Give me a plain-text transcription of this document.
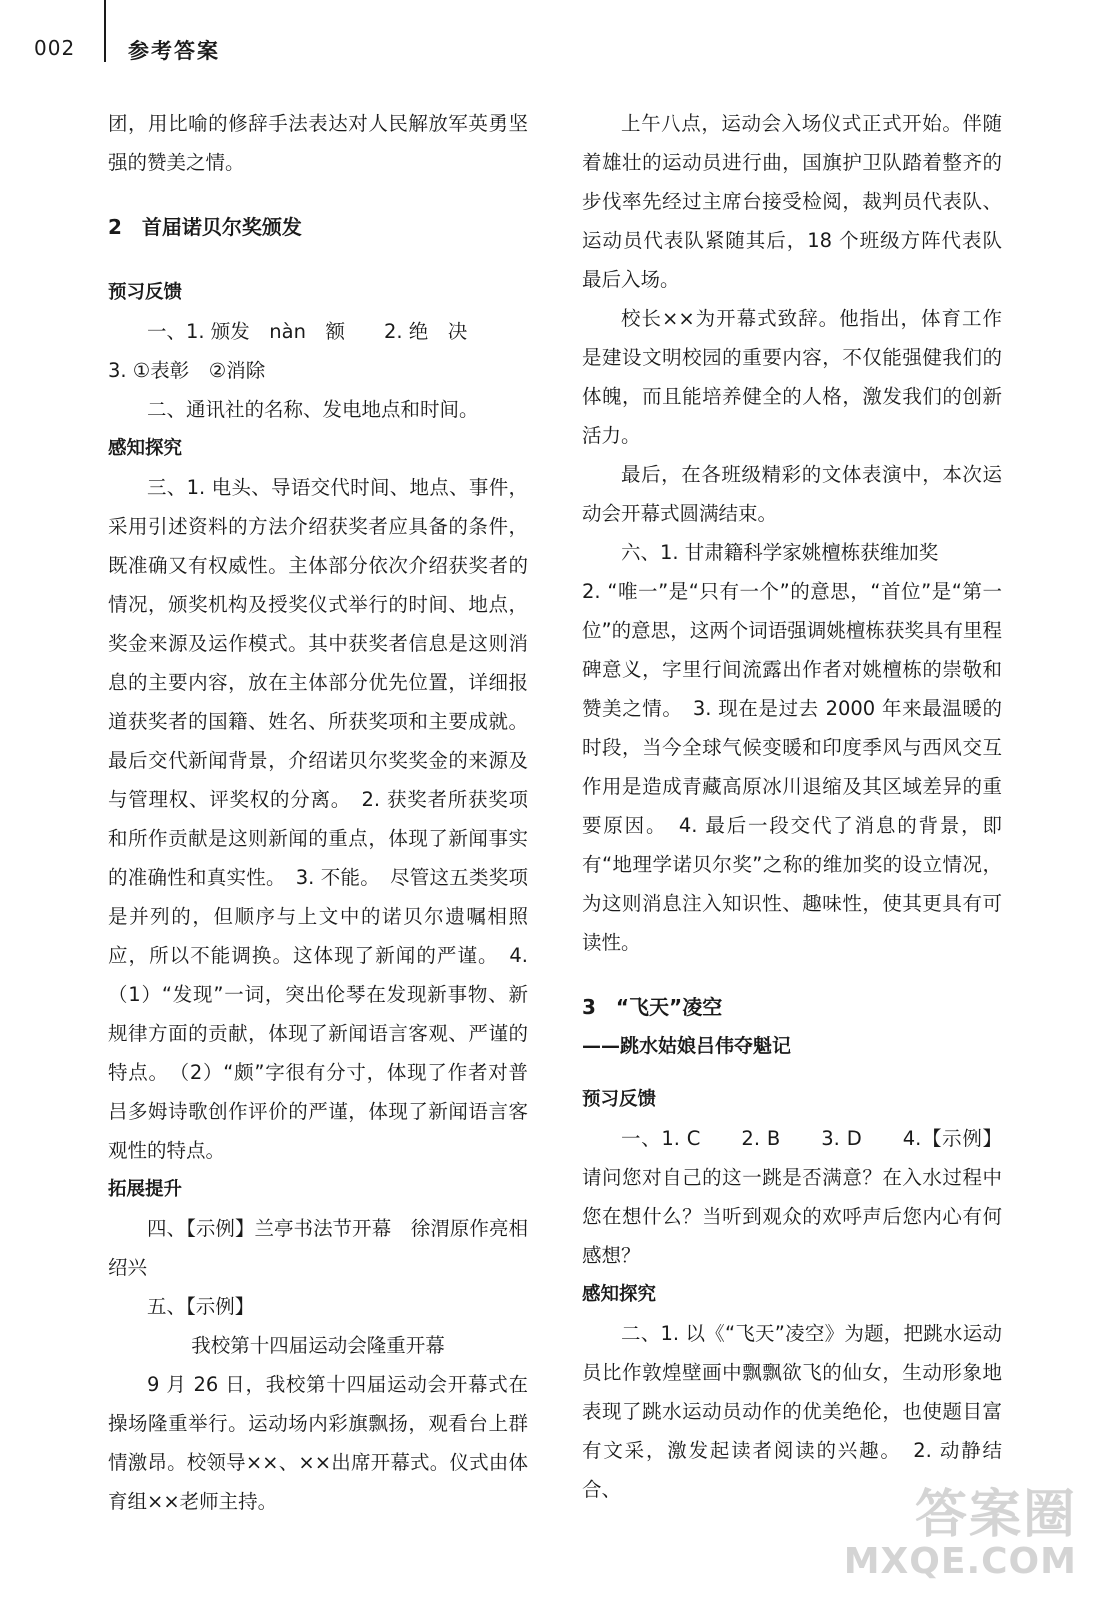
002	参考答案

团，用比喻的修辞手法表达对人民解放军英勇坚强的赞美之情。

2　首届诺贝尔奖颁发

预习反馈

一、1. 颁发　nàn　额　　2. 绝　决

3. ①表彰　②消除

二、通讯社的名称、发电地点和时间。

感知探究

三、1. 电头、导语交代时间、地点、事件，采用引述资料的方法介绍获奖者应具备的条件，既准确又有权威性。主体部分依次介绍获奖者的情况，颁奖机构及授奖仪式举行的时间、地点，奖金来源及运作模式。其中获奖者信息是这则消息的主要内容，放在主体部分优先位置，详细报道获奖者的国籍、姓名、所获奖项和主要成就。最后交代新闻背景，介绍诺贝尔奖奖金的来源及与管理权、评奖权的分离。　2. 获奖者所获奖项和所作贡献是这则新闻的重点，体现了新闻事实的准确性和真实性。　3. 不能。　尽管这五类奖项是并列的，但顺序与上文中的诺贝尔遗嘱相照应，所以不能调换。这体现了新闻的严谨。　4.（1）“发现”一词，突出伦琴在发现新事物、新规律方面的贡献，体现了新闻语言客观、严谨的特点。　（2）“颇”字很有分寸，体现了作者对普吕多姆诗歌创作评价的严谨，体现了新闻语言客观性的特点。

拓展提升

四、【示例】兰亭书法节开幕　徐渭原作亮相绍兴

五、【示例】

我校第十四届运动会隆重开幕

9 月 26 日，我校第十四届运动会开幕式在操场隆重举行。运动场内彩旗飘扬，观看台上群情激昂。校领导××、××出席开幕式。仪式由体育组××老师主持。

上午八点，运动会入场仪式正式开始。伴随着雄壮的运动员进行曲，国旗护卫队踏着整齐的步伐率先经过主席台接受检阅，裁判员代表队、运动员代表队紧随其后，18 个班级方阵代表队最后入场。

校长××为开幕式致辞。他指出，体育工作是建设文明校园的重要内容，不仅能强健我们的体魄，而且能培养健全的人格，激发我们的创新活力。

最后，在各班级精彩的文体表演中，本次运动会开幕式圆满结束。

六、1. 甘肃籍科学家姚檀栋获维加奖

2. “唯一”是“只有一个”的意思，“首位”是“第一位”的意思，这两个词语强调姚檀栋获奖具有里程碑意义，字里行间流露出作者对姚檀栋的崇敬和赞美之情。　3. 现在是过去 2000 年来最温暖的时段，当今全球气候变暖和印度季风与西风交互作用是造成青藏高原冰川退缩及其区域差异的重要原因。　4. 最后一段交代了消息的背景，即有“地理学诺贝尔奖”之称的维加奖的设立情况，为这则消息注入知识性、趣味性，使其更具有可读性。

3　“飞天”凌空

——跳水姑娘吕伟夺魁记

预习反馈

一、1. C　　2. B　　3. D　　4.【示例】请问您对自己的这一跳是否满意？在入水过程中您在想什么？当听到观众的欢呼声后您内心有何感想？

感知探究

二、1. 以《“飞天”凌空》为题，把跳水运动员比作敦煌壁画中飘飘欲飞的仙女，生动形象地表现了跳水运动员动作的优美绝伦，也使题目富有文采，激发起读者阅读的兴趣。　2. 动静结合、	答案圈
MXQE.COM
